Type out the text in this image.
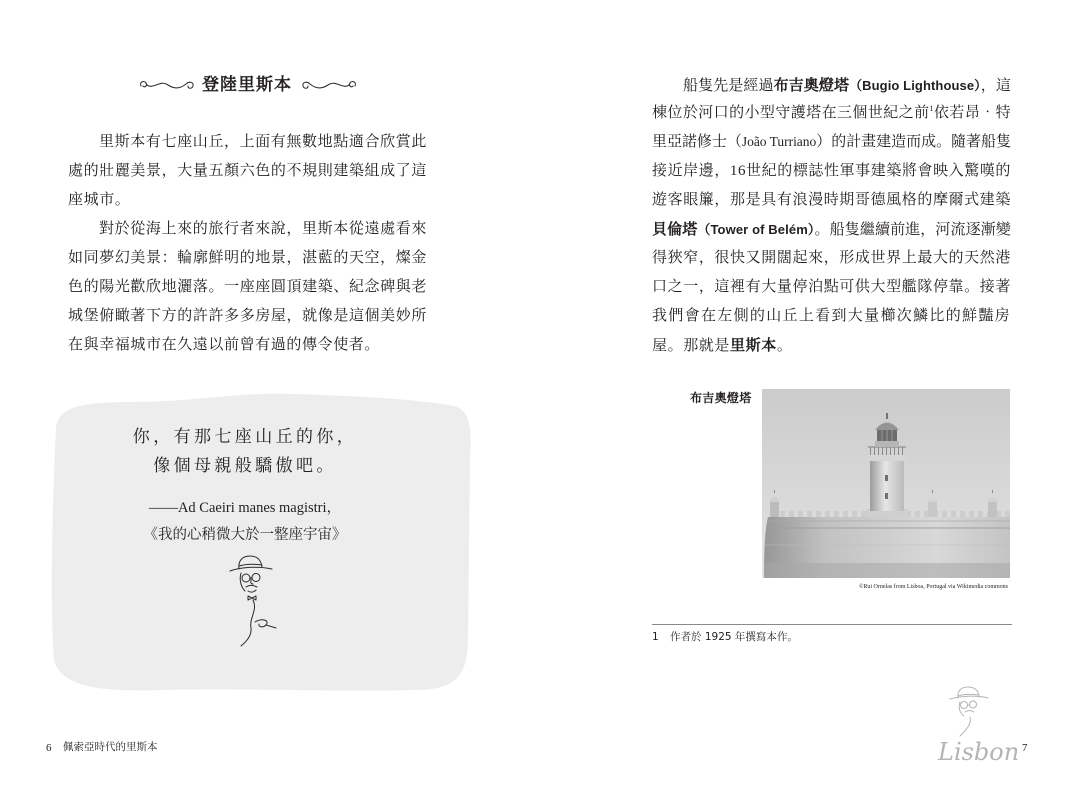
登陸里斯本
里斯本有七座山丘，上面有無數地點適合欣賞此
處的壯麗美景，大量五顏六色的不規則建築組成了這
座城市。
對於從海上來的旅行者來說，里斯本從遠處看來
如同夢幻美景：輪廓鮮明的地景，湛藍的天空，燦金
色的陽光歡欣地灑落。一座座圓頂建築、紀念碑與老
城堡俯瞰著下方的許許多多房屋，就像是這個美妙所
在與幸福城市在久遠以前曾有過的傳令使者。
你，有那七座山丘的你，
像個母親般驕傲吧。
——Ad Caeiri manes magistri，
《我的心稍微大於一整座宇宙》
6 佩索亞時代的里斯本
船隻先是經過布吉奧燈塔（Bugio Lighthouse），這
棟位於河口的小型守護塔在三個世紀之前$^1$依若昂‧特
里亞諾修士（João Turriano）的計畫建造而成。隨著船隻
接近岸邊，16世紀的標誌性軍事建築將會映入驚嘆的
遊客眼簾，那是具有浪漫時期哥德風格的摩爾式建築
貝倫塔（Tower of Belém）。船隻繼續前進，河流逐漸變
得狹窄，很快又開闊起來，形成世界上最大的天然港
口之一，這裡有大量停泊點可供大型艦隊停靠。接著
我們會在左側的山丘上看到大量櫛次鱗比的鮮豔房
屋。那就是里斯本。
布吉奧燈塔
©Rui Ornelas from Lisboa, Portugal via Wikimedia commons
1 作者於 1925 年撰寫本作。
Lisbon 7
